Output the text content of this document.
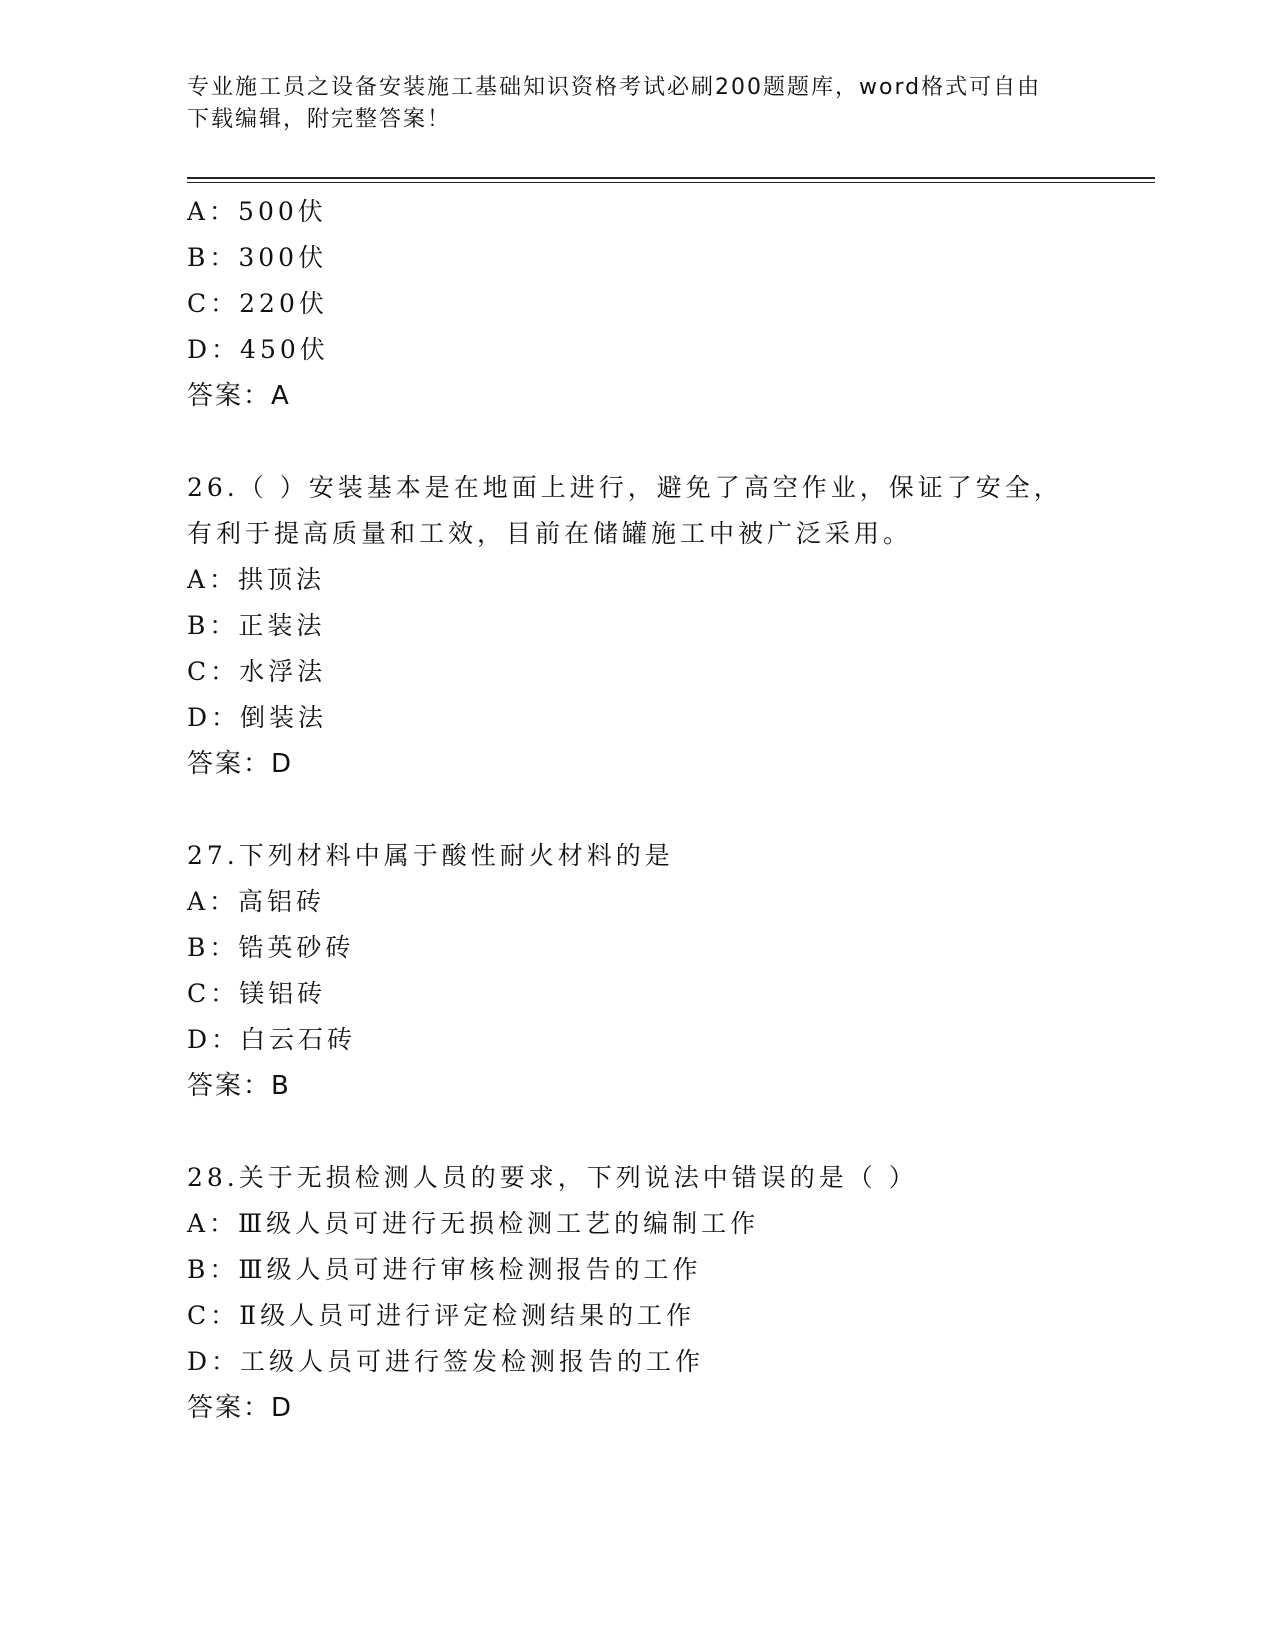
专业施工员之设备安装施工基础知识资格考试必刷200题题库，word格式可自由
下载编辑，附完整答案！
A：500伏
B：300伏
C：220伏
D：450伏
答案：A
26.（ ）安装基本是在地面上进行，避免了高空作业，保证了安全，
有利于提高质量和工效，目前在储罐施工中被广泛采用。
A：拱顶法
B：正装法
C：水浮法
D：倒装法
答案：D
27.下列材料中属于酸性耐火材料的是
A：高铝砖
B：锆英砂砖
C：镁铝砖
D：白云石砖
答案：B
28.关于无损检测人员的要求，下列说法中错误的是（ ）
A：Ⅲ级人员可进行无损检测工艺的编制工作
B：Ⅲ级人员可进行审核检测报告的工作
C：Ⅱ级人员可进行评定检测结果的工作
D：工级人员可进行签发检测报告的工作
答案：D
